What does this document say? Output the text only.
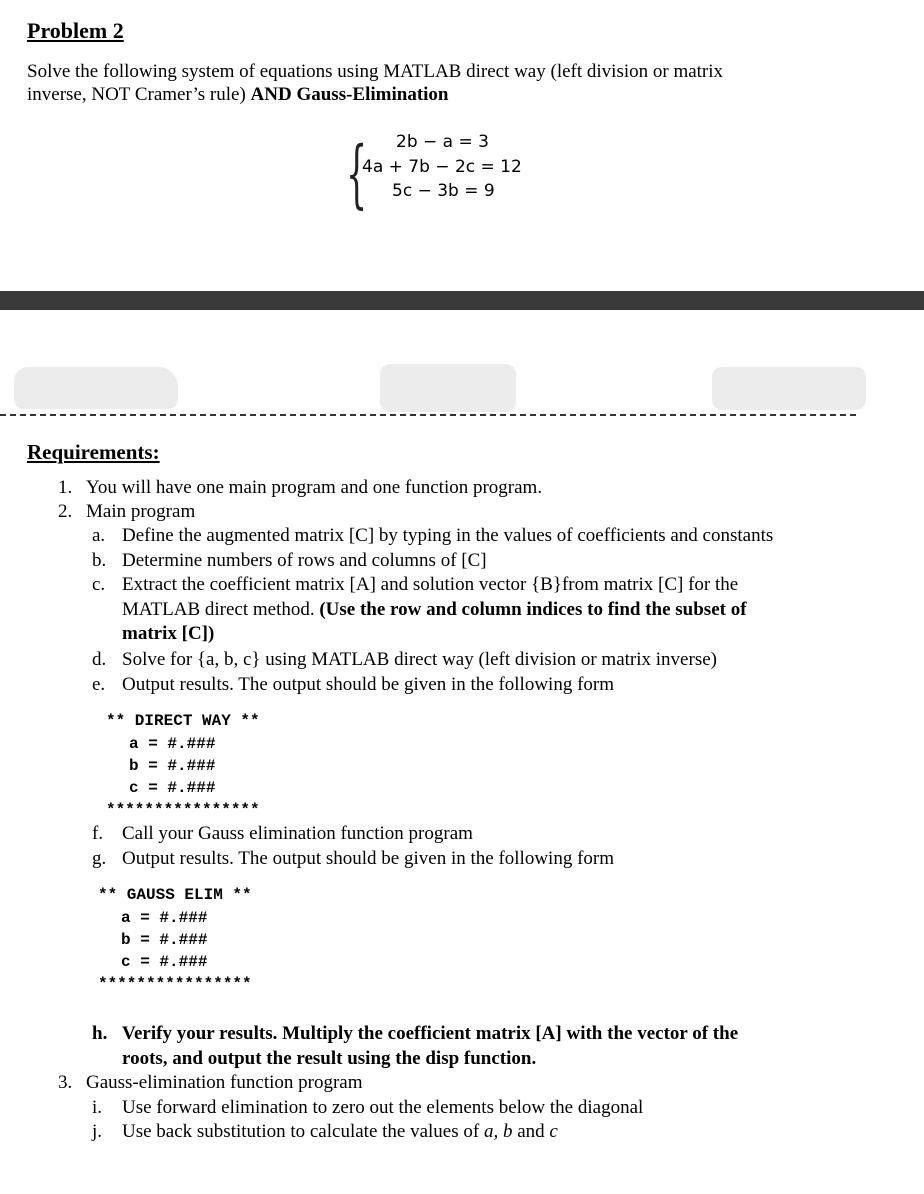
Problem 2
Solve the following system of equations using MATLAB direct way (left division or matrix
inverse, NOT Cramer’s rule) AND Gauss-Elimination
{ 2b − a = 3
4a + 7b − 2c = 12
5c − 3b = 9
Requirements:
1. You will have one main program and one function program.
2. Main program
a. Define the augmented matrix [C] by typing in the values of coefficients and constants
b. Determine numbers of rows and columns of [C]
c. Extract the coefficient matrix [A] and solution vector {B}from matrix [C] for the
MATLAB direct method. (Use the row and column indices to find the subset of
matrix [C])
d. Solve for {a, b, c} using MATLAB direct way (left division or matrix inverse)
e. Output results. The output should be given in the following form
** DIRECT WAY **
a = #.###
b = #.###
c = #.###
****************
f. Call your Gauss elimination function program
g. Output results. The output should be given in the following form
** GAUSS ELIM **
a = #.###
b = #.###
c = #.###
****************
h. Verify your results. Multiply the coefficient matrix [A] with the vector of the
roots, and output the result using the disp function.
3. Gauss-elimination function program
i. Use forward elimination to zero out the elements below the diagonal
j. Use back substitution to calculate the values of a, b and c
